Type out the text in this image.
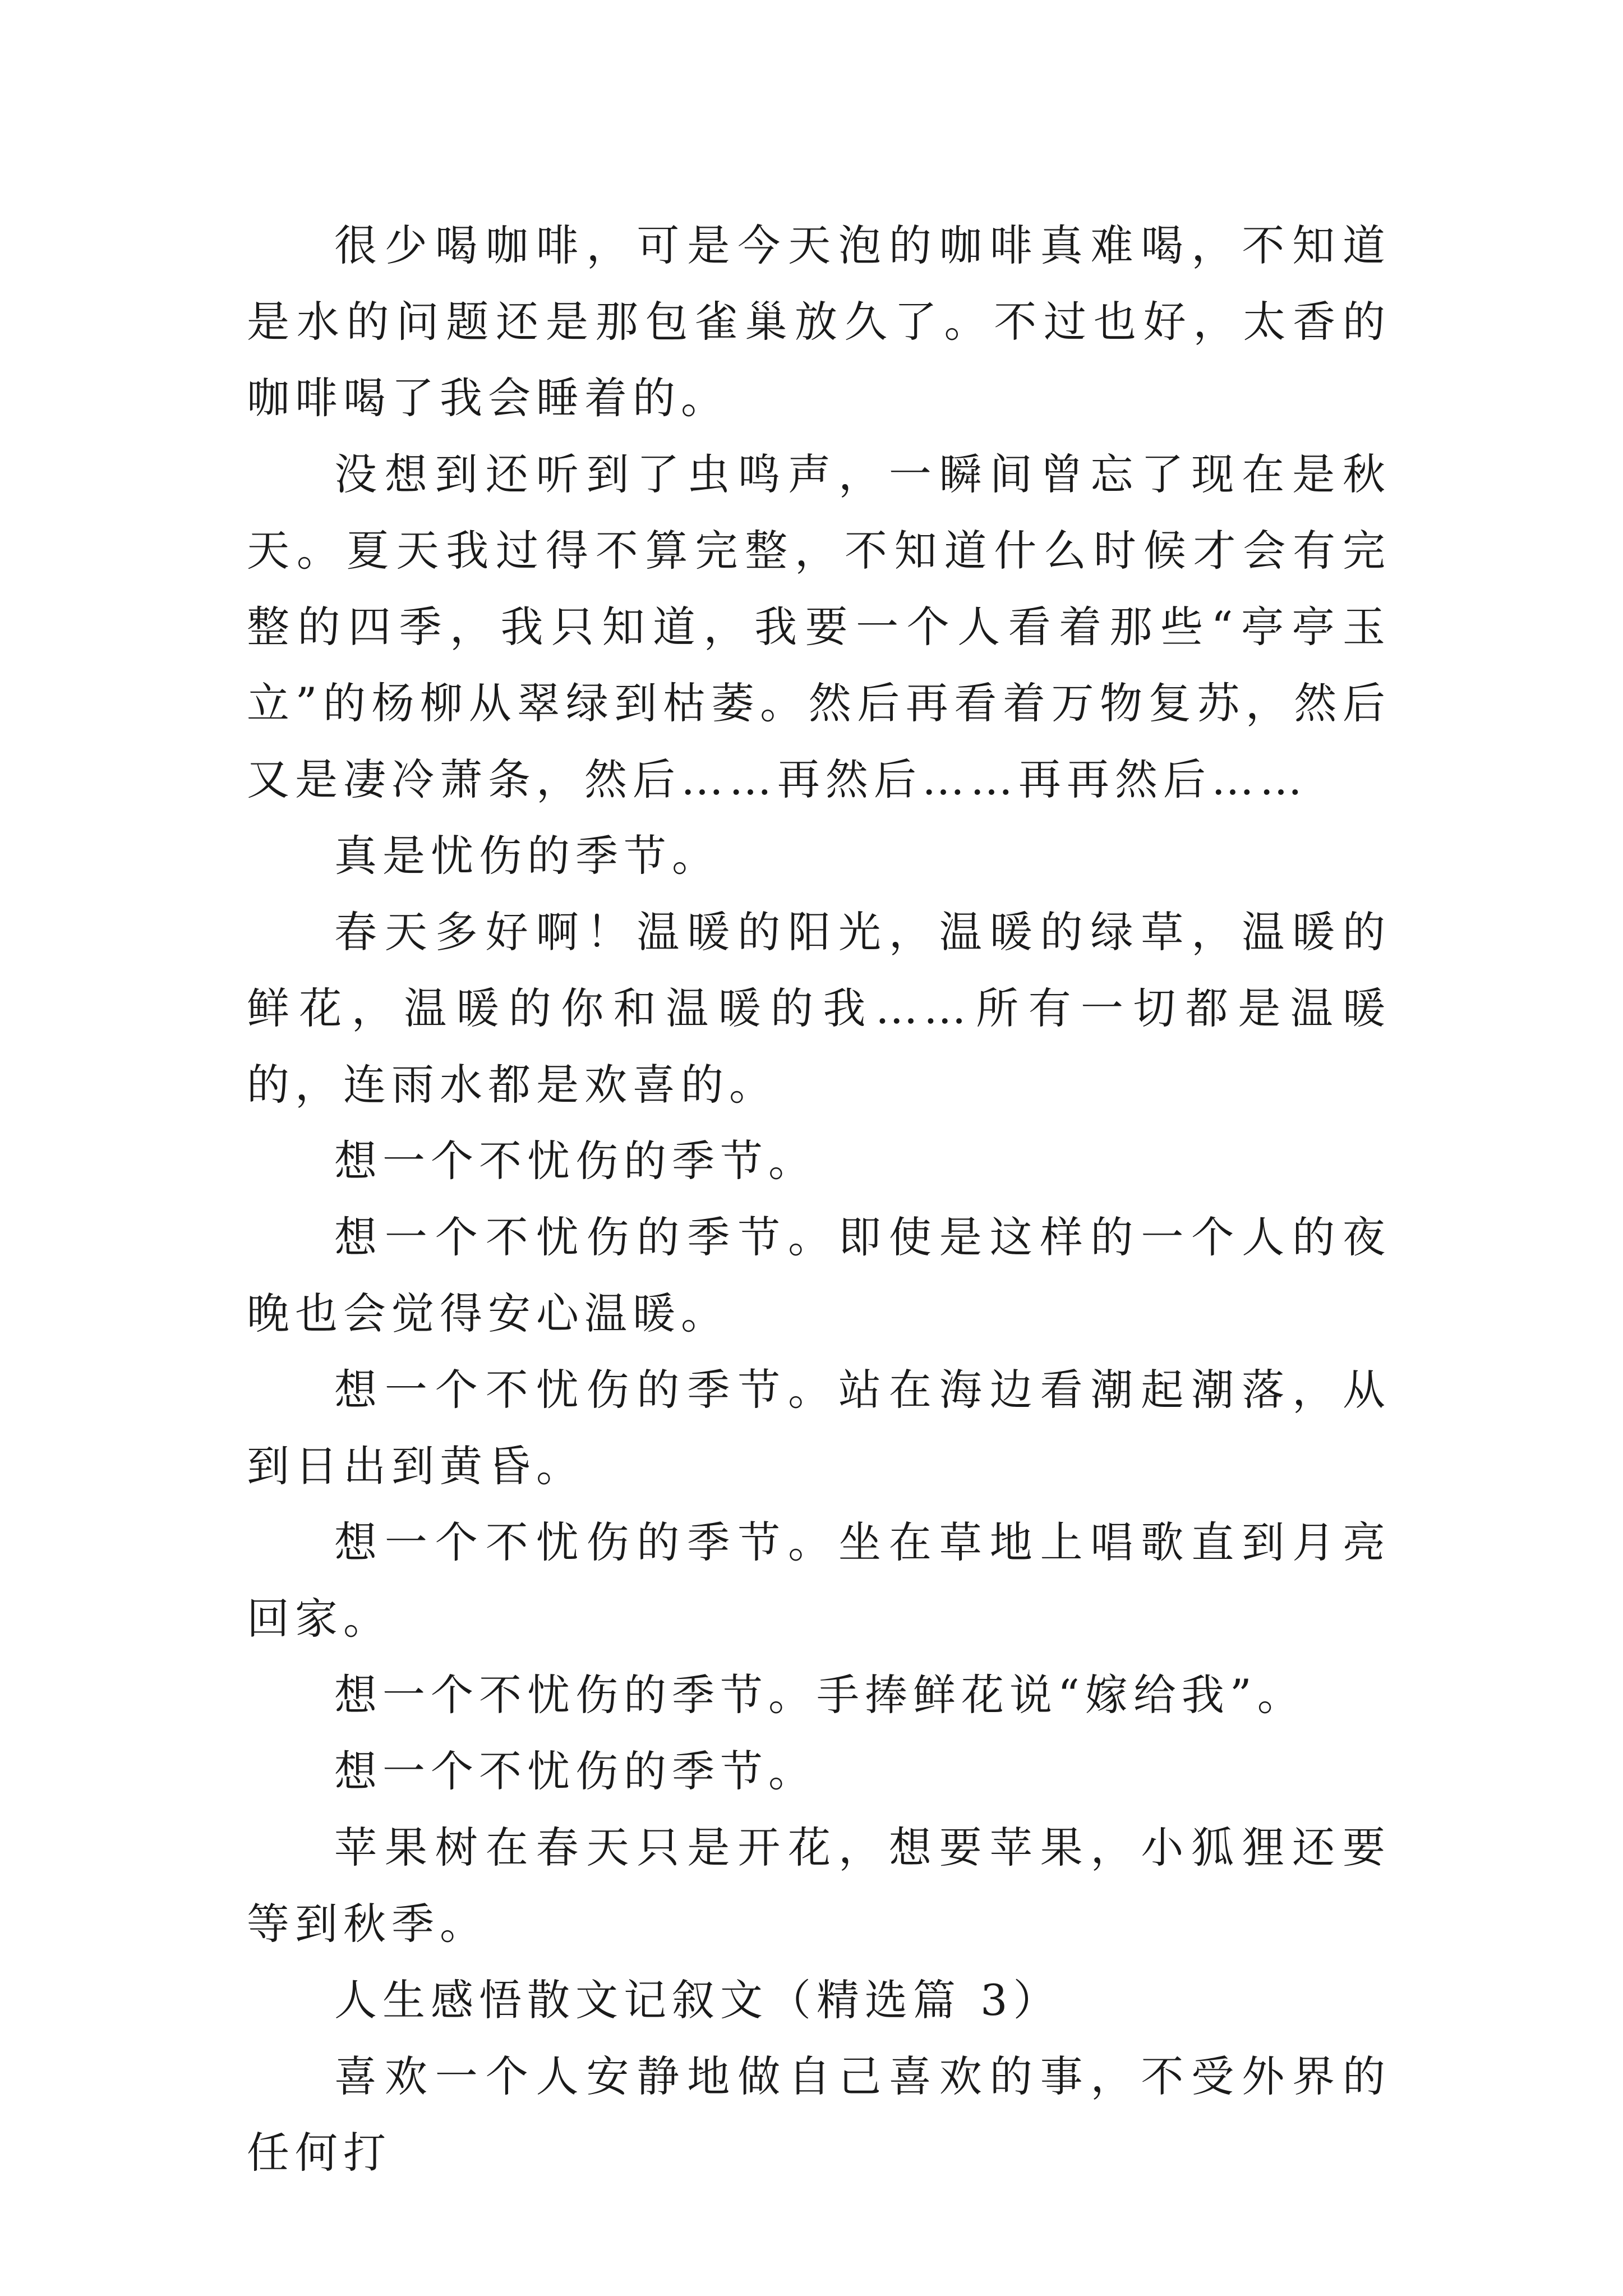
很少喝咖啡，可是今天泡的咖啡真难喝，不知道是水的问题还是那包雀巢放久了。不过也好，太香的咖啡喝了我会睡着的。

没想到还听到了虫鸣声，一瞬间曾忘了现在是秋天。夏天我过得不算完整，不知道什么时候才会有完整的四季，我只知道，我要一个人看着那些“亭亭玉立”的杨柳从翠绿到枯萎。然后再看着万物复苏，然后又是凄冷萧条，然后……再然后……再再然后……

真是忧伤的季节。

春天多好啊！温暖的阳光，温暖的绿草，温暖的鲜花，温暖的你和温暖的我……所有一切都是温暖的，连雨水都是欢喜的。

想一个不忧伤的季节。

想一个不忧伤的季节。即使是这样的一个人的夜晚也会觉得安心温暖。

想一个不忧伤的季节。站在海边看潮起潮落，从到日出到黄昏。

想一个不忧伤的季节。坐在草地上唱歌直到月亮回家。

想一个不忧伤的季节。手捧鲜花说“嫁给我”。

想一个不忧伤的季节。

苹果树在春天只是开花，想要苹果，小狐狸还要等到秋季。

人生感悟散文记叙文（精选篇 3）

喜欢一个人安静地做自己喜欢的事，不受外界的任何打
